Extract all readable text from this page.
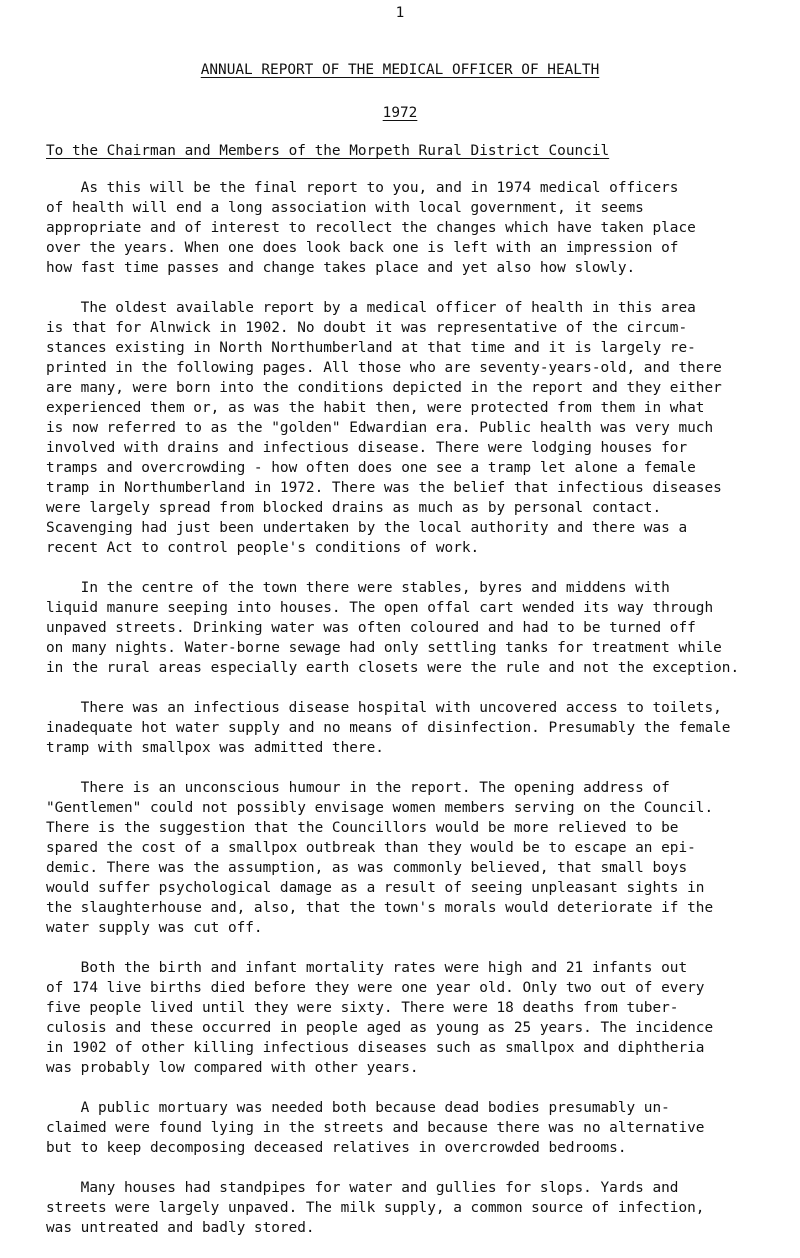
1
ANNUAL REPORT OF THE MEDICAL OFFICER OF HEALTH
1972
To the Chairman and Members of the Morpeth Rural District Council
As this will be the final report to you, and in 1974 medical officers
of health will end a long association with local government, it seems
appropriate and of interest to recollect the changes which have taken place
over the years. When one does look back one is left with an impression of
how fast time passes and change takes place and yet also how slowly.
The oldest available report by a medical officer of health in this area
is that for Alnwick in 1902. No doubt it was representative of the circum-
stances existing in North Northumberland at that time and it is largely re-
printed in the following pages. All those who are seventy-years-old, and there
are many, were born into the conditions depicted in the report and they either
experienced them or, as was the habit then, were protected from them in what
is now referred to as the "golden" Edwardian era. Public health was very much
involved with drains and infectious disease. There were lodging houses for
tramps and overcrowding - how often does one see a tramp let alone a female
tramp in Northumberland in 1972. There was the belief that infectious diseases
were largely spread from blocked drains as much as by personal contact.
Scavenging had just been undertaken by the local authority and there was a
recent Act to control people's conditions of work.
In the centre of the town there were stables, byres and middens with
liquid manure seeping into houses. The open offal cart wended its way through
unpaved streets. Drinking water was often coloured and had to be turned off
on many nights. Water-borne sewage had only settling tanks for treatment while
in the rural areas especially earth closets were the rule and not the exception.
There was an infectious disease hospital with uncovered access to toilets,
inadequate hot water supply and no means of disinfection. Presumably the female
tramp with smallpox was admitted there.
There is an unconscious humour in the report. The opening address of
"Gentlemen" could not possibly envisage women members serving on the Council.
There is the suggestion that the Councillors would be more relieved to be
spared the cost of a smallpox outbreak than they would be to escape an epi-
demic. There was the assumption, as was commonly believed, that small boys
would suffer psychological damage as a result of seeing unpleasant sights in
the slaughterhouse and, also, that the town's morals would deteriorate if the
water supply was cut off.
Both the birth and infant mortality rates were high and 21 infants out
of 174 live births died before they were one year old. Only two out of every
five people lived until they were sixty. There were 18 deaths from tuber-
culosis and these occurred in people aged as young as 25 years. The incidence
in 1902 of other killing infectious diseases such as smallpox and diphtheria
was probably low compared with other years.
A public mortuary was needed both because dead bodies presumably un-
claimed were found lying in the streets and because there was no alternative
but to keep decomposing deceased relatives in overcrowded bedrooms.
Many houses had standpipes for water and gullies for slops. Yards and
streets were largely unpaved. The milk supply, a common source of infection,
was untreated and badly stored.
